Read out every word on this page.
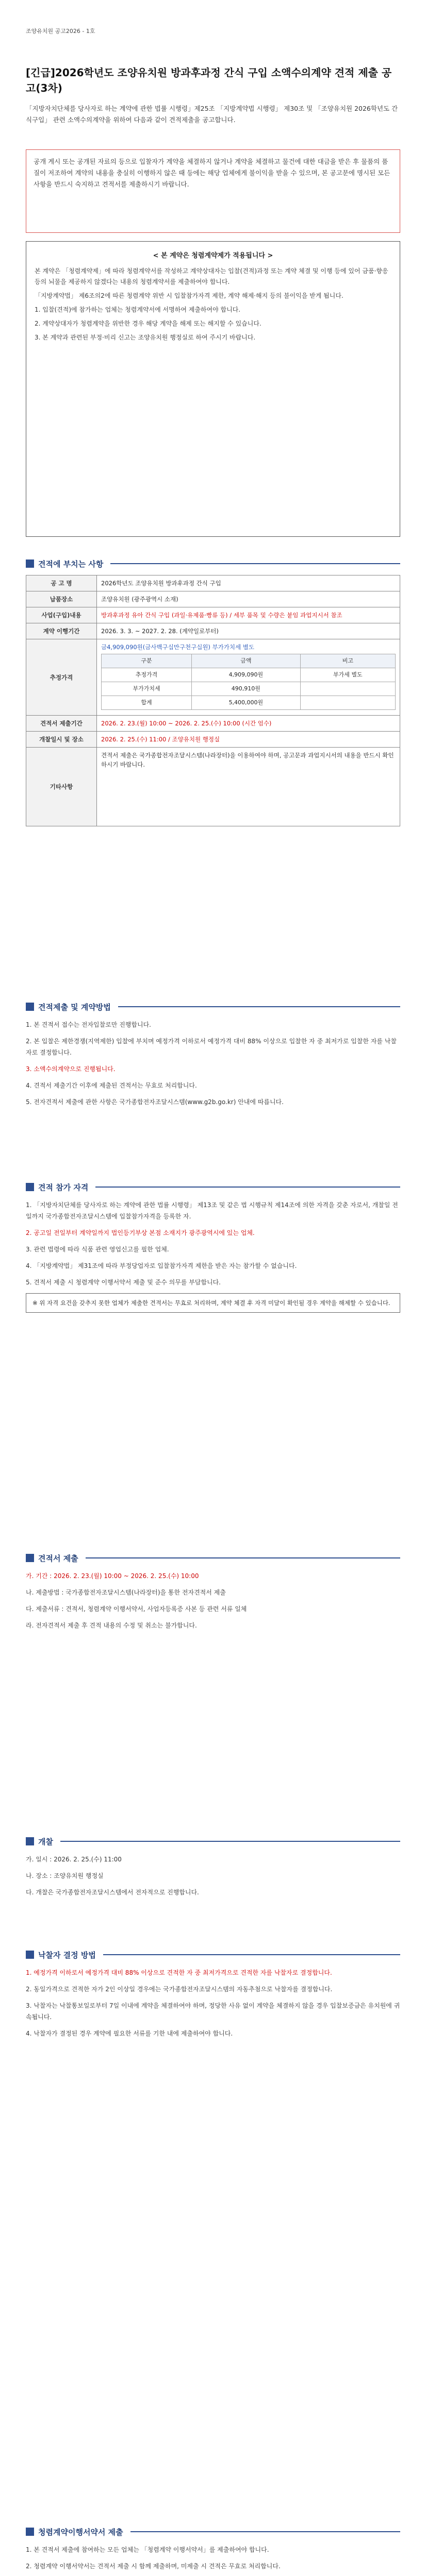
조양유치원 공고2026 - 1호
[긴급]2026학년도 조양유치원 방과후과정 간식 구입 소액수의계약 견적 제출 공고(3차)
「지방자치단체를 당사자로 하는 계약에 관한 법률 시행령」제25조 「지방계약법 시행령」 제30조 및 「조양유치원 2026학년도 간식구입」 관련 소액수의계약을 위하여 다음과 같이 견적제출을 공고합니다.

공개 게시 또는 공개된 자료의 등으로 입찰자가 계약을 체결하지 않거나 계약을 체결하고 물건에 대한 대금을 받은 후 물품의 품질이 저조하여 계약의 내용을 충실히 이행하지 않은 때 등에는 해당 업체에게 불이익을 받을 수 있으며, 본 공고문에 명시된 모든 사항을 반드시 숙지하고 견적서를 제출하시기 바랍니다.

< 본 계약은 청렴계약제가 적용됩니다 >

본 계약은 「청렴계약제」에 따라 청렴계약서를 작성하고 계약상대자는 입찰(견적)과정 또는 계약 체결 및 이행 등에 있어 금품·향응 등의 뇌물을 제공하지 않겠다는 내용의 청렴계약서를 제출하여야 합니다.

「지방계약법」 제6조의2에 따른 청렴계약 위반 시 입찰참가자격 제한, 계약 해제·해지 등의 불이익을 받게 됩니다.

1. 입찰(견적)에 참가하는 업체는 청렴계약서에 서명하여 제출하여야 합니다.

2. 계약상대자가 청렴계약을 위반한 경우 해당 계약을 해제 또는 해지할 수 있습니다.

3. 본 계약과 관련된 부정·비리 신고는 조양유치원 행정실로 하여 주시기 바랍니다.

견적에 부치는 사항
공 고 명	2026학년도 조양유치원 방과후과정 간식 구입
납품장소	조양유치원 (광주광역시 소재)
사업(구입)내용	방과후과정 유아 간식 구입 (과일·유제품·빵류 등) / 세부 품목 및 수량은 붙임 과업지시서 참조
계약 이행기간	2026. 3. 3. ~ 2027. 2. 28. (계약일로부터)
추정가격	
금4,909,090원(금사백구십만구천구십원) 부가가치세 별도
구분	금액	비고
추정가격	4,909,090원	부가세 별도
부가가치세	490,910원	
합계	5,400,000원	

견적서 제출기간	2026. 2. 23.(월) 10:00 ~ 2026. 2. 25.(수) 10:00 (시간 엄수)
개찰일시 및 장소	2026. 2. 25.(수) 11:00 / 조양유치원 행정실
기타사항	견적서 제출은 국가종합전자조달시스템(나라장터)을 이용하여야 하며, 공고문과 과업지시서의 내용을 반드시 확인하시기 바랍니다.
견적제출 및 계약방법

1. 본 견적서 접수는 전자입찰로만 진행합니다.

2. 본 입찰은 제한경쟁(지역제한) 입찰에 부치며 예정가격 이하로서 예정가격 대비 88% 이상으로 입찰한 자 중 최저가로 입찰한 자를 낙찰자로 결정합니다.

3. 소액수의계약으로 진행됩니다.

4. 견적서 제출기간 이후에 제출된 견적서는 무효로 처리합니다.

5. 전자견적서 제출에 관한 사항은 국가종합전자조달시스템(www.g2b.go.kr) 안내에 따릅니다.

견적 참가 자격

1. 「지방자치단체를 당사자로 하는 계약에 관한 법률 시행령」 제13조 및 같은 법 시행규칙 제14조에 의한 자격을 갖춘 자로서, 개찰일 전일까지 국가종합전자조달시스템에 입찰참가자격을 등록한 자.

2. 공고일 전일부터 계약일까지 법인등기부상 본점 소재지가 광주광역시에 있는 업체.

3. 관련 법령에 따라 식품 관련 영업신고를 필한 업체.

4. 「지방계약법」 제31조에 따라 부정당업자로 입찰참가자격 제한을 받은 자는 참가할 수 없습니다.

5. 견적서 제출 시 청렴계약 이행서약서 제출 및 준수 의무를 부담합니다.

※ 위 자격 요건을 갖추지 못한 업체가 제출한 견적서는 무효로 처리하며, 계약 체결 후 자격 미달이 확인될 경우 계약을 해제할 수 있습니다.
견적서 제출

가. 기간 : 2026. 2. 23.(월) 10:00 ~ 2026. 2. 25.(수) 10:00

나. 제출방법 : 국가종합전자조달시스템(나라장터)을 통한 전자견적서 제출

다. 제출서류 : 견적서, 청렴계약 이행서약서, 사업자등록증 사본 등 관련 서류 일체

라. 전자견적서 제출 후 견적 내용의 수정 및 취소는 불가합니다.

개찰

가. 일시 : 2026. 2. 25.(수) 11:00

나. 장소 : 조양유치원 행정실

다. 개찰은 국가종합전자조달시스템에서 전자적으로 진행합니다.

낙찰자 결정 방법

1. 예정가격 이하로서 예정가격 대비 88% 이상으로 견적한 자 중 최저가격으로 견적한 자를 낙찰자로 결정합니다.

2. 동일가격으로 견적한 자가 2인 이상일 경우에는 국가종합전자조달시스템의 자동추첨으로 낙찰자를 결정합니다.

3. 낙찰자는 낙찰통보일로부터 7일 이내에 계약을 체결하여야 하며, 정당한 사유 없이 계약을 체결하지 않을 경우 입찰보증금은 유치원에 귀속됩니다.

4. 낙찰자가 결정된 경우 계약에 필요한 서류를 기한 내에 제출하여야 합니다.

청렴계약이행서약서 제출

1. 본 견적서 제출에 참여하는 모든 업체는 「청렴계약 이행서약서」를 제출하여야 합니다.

2. 청렴계약 이행서약서는 견적서 제출 시 함께 제출하며, 미제출 시 견적은 무효로 처리합니다.
